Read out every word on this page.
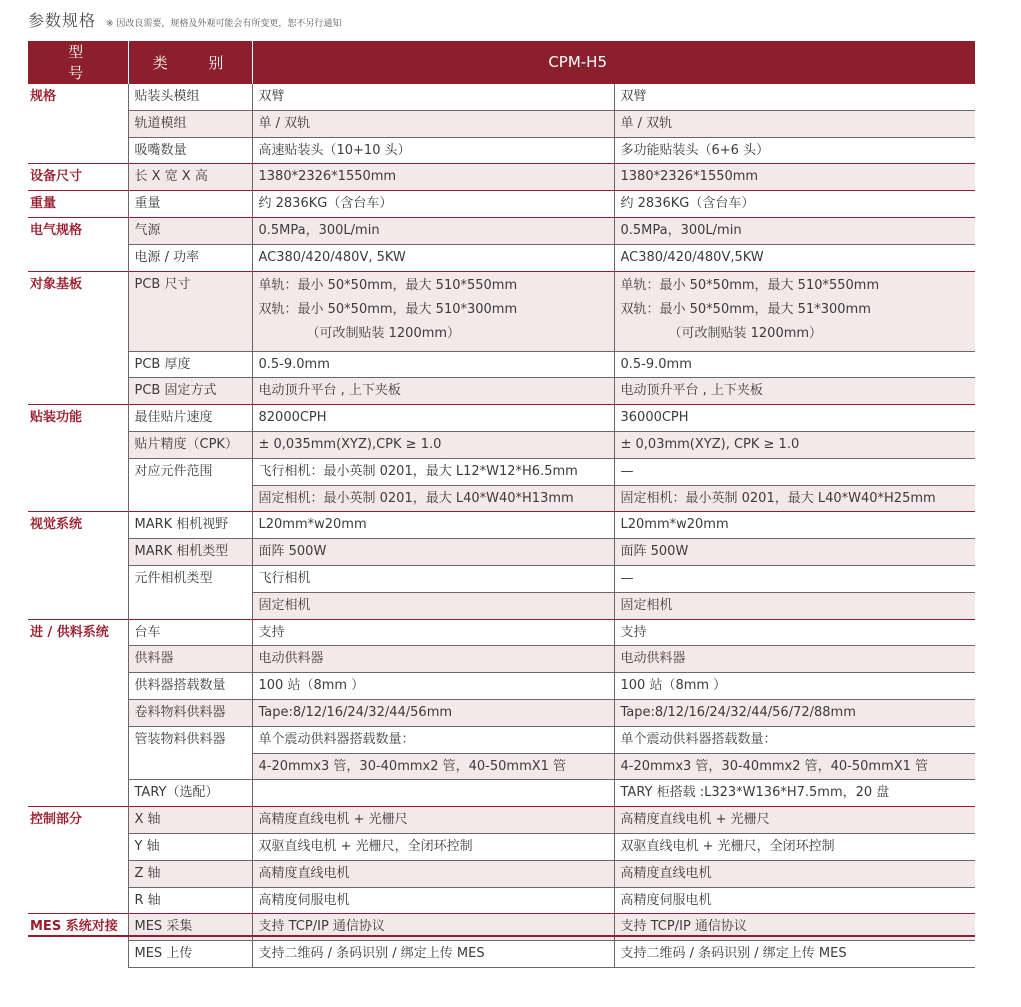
参数规格 ※ 因改良需要，规格及外观可能会有所变更，恕不另行通知
型 号	类 别	CPM-H5	
规格	贴装头模组	双臂	双臂
	轨道模组	单 / 双轨	单 / 双轨
	吸嘴数量	高速贴装头（10+10 头）	多功能贴装头（6+6 头）
设备尺寸	长 X 宽 X 高	1380*2326*1550mm	1380*2326*1550mm
重量	重量	约 2836KG（含台车）	约 2836KG（含台车）
电气规格	气源	0.5MPa，300L/min	0.5MPa，300L/min
	电源 / 功率	AC380/420/480V, 5KW	AC380/420/480V,5KW
对象基板	PCB 尺寸	单轨：最小 50*50mm，最大 510*550mm
双轨：最小 50*50mm，最大 510*300mm
（可改制贴装 1200mm）	单轨：最小 50*50mm，最大 510*550mm
双轨：最小 50*50mm，最大 51*300mm
（可改制贴装 1200mm）

	PCB 厚度	0.5-9.0mm	0.5-9.0mm
	PCB 固定方式	电动顶升平台 , 上下夹板	电动顶升平台 , 上下夹板
贴装功能	最佳贴片速度	82000CPH	36000CPH
	贴片精度（CPK）	± 0,035mm(XYZ),CPK ≥ 1.0	± 0,03mm(XYZ), CPK ≥ 1.0
	对应元件范围	飞行相机：最小英制 0201，最大 L12*W12*H6.5mm	—
		固定相机：最小英制 0201，最大 L40*W40*H13mm	固定相机：最小英制 0201，最大 L40*W40*H25mm
视觉系统	MARK 相机视野	L20mm*w20mm	L20mm*w20mm
	MARK 相机类型	面阵 500W	面阵 500W
	元件相机类型	飞行相机	—
		固定相机	固定相机
进 / 供料系统	台车	支持	支持
	供料器	电动供料器	电动供料器
	供料器搭载数量	100 站（8mm ）	100 站（8mm ）
	卷料物料供料器	Tape:8/12/16/24/32/44/56mm	Tape:8/12/16/24/32/44/56/72/88mm
	管装物料供料器	单个震动供料器搭载数量：	单个震动供料器搭载数量：
		4-20mmx3 管，30-40mmx2 管，40-50mmX1 管	4-20mmx3 管，30-40mmx2 管，40-50mmX1 管
	TARY（选配）		TARY 柜搭载 :L323*W136*H7.5mm，20 盘
控制部分	X 轴	高精度直线电机 + 光栅尺	高精度直线电机 + 光栅尺
	Y 轴	双驱直线电机 + 光栅尺，全闭环控制	双驱直线电机 + 光栅尺，全闭环控制
	Z 轴	高精度直线电机	高精度直线电机
	R 轴	高精度伺服电机	高精度伺服电机
MES 系统对接	MES 采集	支持 TCP/IP 通信协议	支持 TCP/IP 通信协议
	MES 上传	支持二维码 / 条码识别 / 绑定上传 MES	支持二维码 / 条码识别 / 绑定上传 MES
